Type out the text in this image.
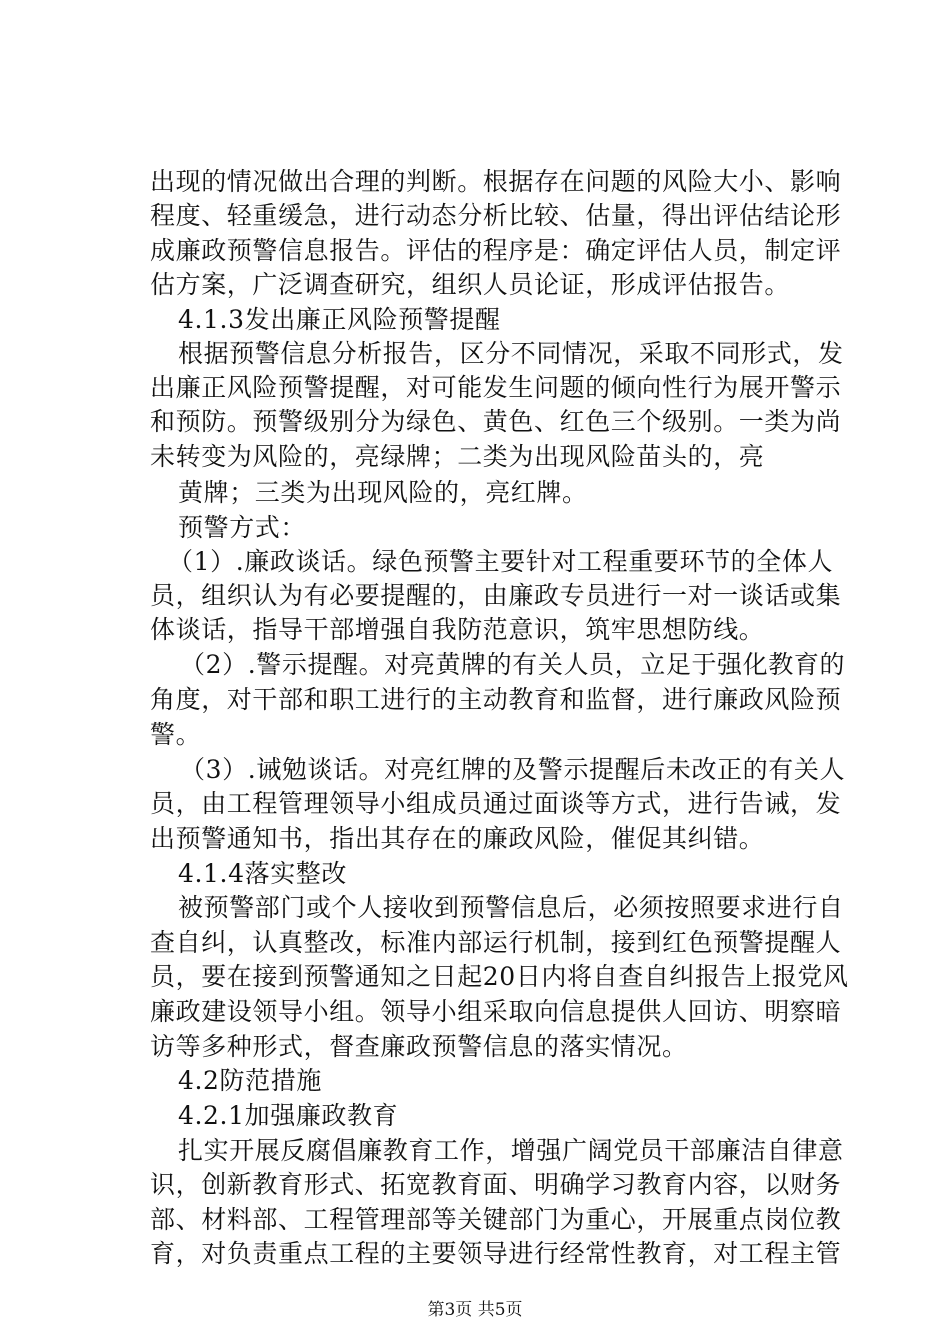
出现的情况做出合理的判断。根据存在问题的风险大小、影响
程度、轻重缓急，进行动态分析比较、估量，得出评估结论形
成廉政预警信息报告。评估的程序是：确定评估人员，制定评
估方案，广泛调查研究，组织人员论证，形成评估报告。
4.1.3发出廉正风险预警提醒
根据预警信息分析报告，区分不同情况，采取不同形式，发
出廉正风险预警提醒，对可能发生问题的倾向性行为展开警示
和预防。预警级别分为绿色、黄色、红色三个级别。一类为尚
未转变为风险的，亮绿牌；二类为出现风险苗头的，亮
黄牌；三类为出现风险的，亮红牌。
预警方式：
（1）.廉政谈话。绿色预警主要针对工程重要环节的全体人
员，组织认为有必要提醒的，由廉政专员进行一对一谈话或集
体谈话，指导干部增强自我防范意识，筑牢思想防线。
（2）.警示提醒。对亮黄牌的有关人员，立足于强化教育的
角度，对干部和职工进行的主动教育和监督，进行廉政风险预
警。
（3）.诫勉谈话。对亮红牌的及警示提醒后未改正的有关人
员，由工程管理领导小组成员通过面谈等方式，进行告诫，发
出预警通知书，指出其存在的廉政风险，催促其纠错。
4.1.4落实整改
被预警部门或个人接收到预警信息后，必须按照要求进行自
查自纠，认真整改，标准内部运行机制，接到红色预警提醒人
员，要在接到预警通知之日起20日内将自查自纠报告上报党风
廉政建设领导小组。领导小组采取向信息提供人回访、明察暗
访等多种形式，督查廉政预警信息的落实情况。
4.2防范措施
4.2.1加强廉政教育
扎实开展反腐倡廉教育工作，增强广阔党员干部廉洁自律意
识，创新教育形式、拓宽教育面、明确学习教育内容，以财务
部、材料部、工程管理部等关键部门为重心，开展重点岗位教
育，对负责重点工程的主要领导进行经常性教育，对工程主管
第3页 共5页
